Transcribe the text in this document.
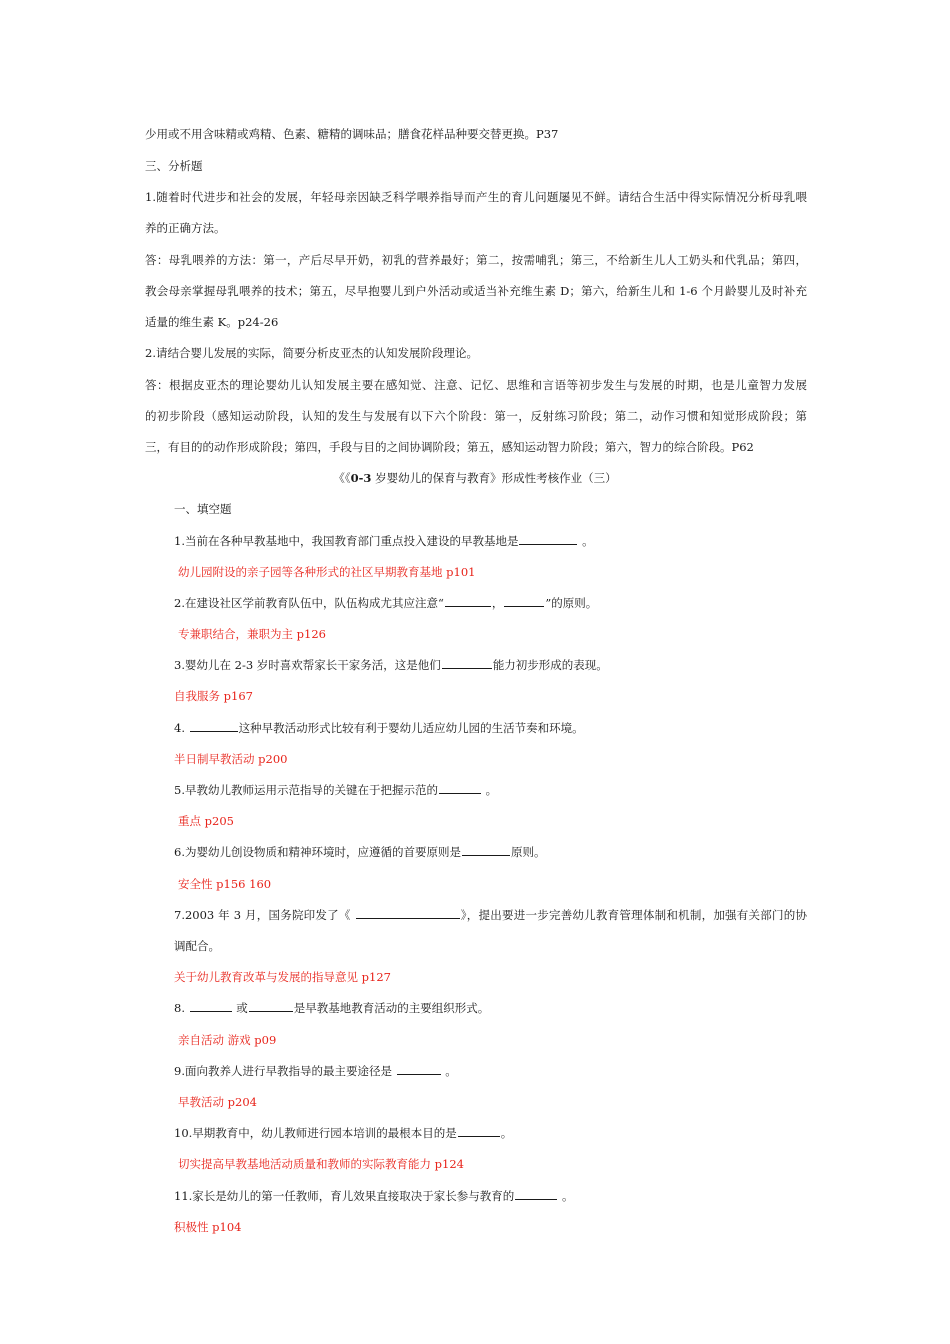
少用或不用含味精或鸡精、色素、糖精的调味品；膳食花样品种要交替更换。P37
三、分析题
1.随着时代进步和社会的发展，年轻母亲因缺乏科学喂养指导而产生的育儿问题屡见不鲜。请结合生活中得实际情况分析母乳喂
养的正确方法。
答：母乳喂养的方法：第一，产后尽早开奶，初乳的营养最好；第二，按需哺乳；第三，不给新生儿人工奶头和代乳品；第四，
教会母亲掌握母乳喂养的技术；第五，尽早抱婴儿到户外活动或适当补充维生素 D；第六，给新生儿和 1-6 个月龄婴儿及时补充
适量的维生素 K。p24-26
2.请结合婴儿发展的实际，简要分析皮亚杰的认知发展阶段理论。
答：根据皮亚杰的理论婴幼儿认知发展主要在感知觉、注意、记忆、思维和言语等初步发生与发展的时期，也是儿童智力发展
的初步阶段（感知运动阶段，认知的发生与发展有以下六个阶段：第一，反射练习阶段；第二，动作习惯和知觉形成阶段；第
三，有目的的动作形成阶段；第四，手段与目的之间协调阶段；第五，感知运动智力阶段；第六，智力的综合阶段。P62
《《0-3 岁婴幼儿的保育与教育》形成性考核作业（三）
一、填空题
1.当前在各种早教基地中，我国教育部门重点投入建设的早教基地是	。
幼儿园附设的亲子园等各种形式的社区早期教育基地 p101
2.在建设社区学前教育队伍中，队伍构成尤其应注意“	，	”的原则。
专兼职结合，兼职为主 p126
3.婴幼儿在 2-3 岁时喜欢帮家长干家务活，这是他们	能力初步形成的表现。
自我服务 p167
4.	这种早教活动形式比较有利于婴幼儿适应幼儿园的生活节奏和环境。
半日制早教活动 p200
5.早教幼儿教师运用示范指导的关键在于把握示范的	。
重点 p205
6.为婴幼儿创设物质和精神环境时，应遵循的首要原则是	原则。
安全性 p156 160
7.2003 年 3 月，国务院印发了《	》，提出要进一步完善幼儿教育管理体制和机制，加强有关部门的协
调配合。
关于幼儿教育改革与发展的指导意见 p127
8.	或	是早教基地教育活动的主要组织形式。
亲自活动 游戏 p09
9.面向教养人进行早教指导的最主要途径是	。
早教活动 p204
10.早期教育中，幼儿教师进行园本培训的最根本目的是	。
切实提高早教基地活动质量和教师的实际教育能力 p124
11.家长是幼儿的第一任教师，育儿效果直接取决于家长参与教育的	。
积极性 p104
